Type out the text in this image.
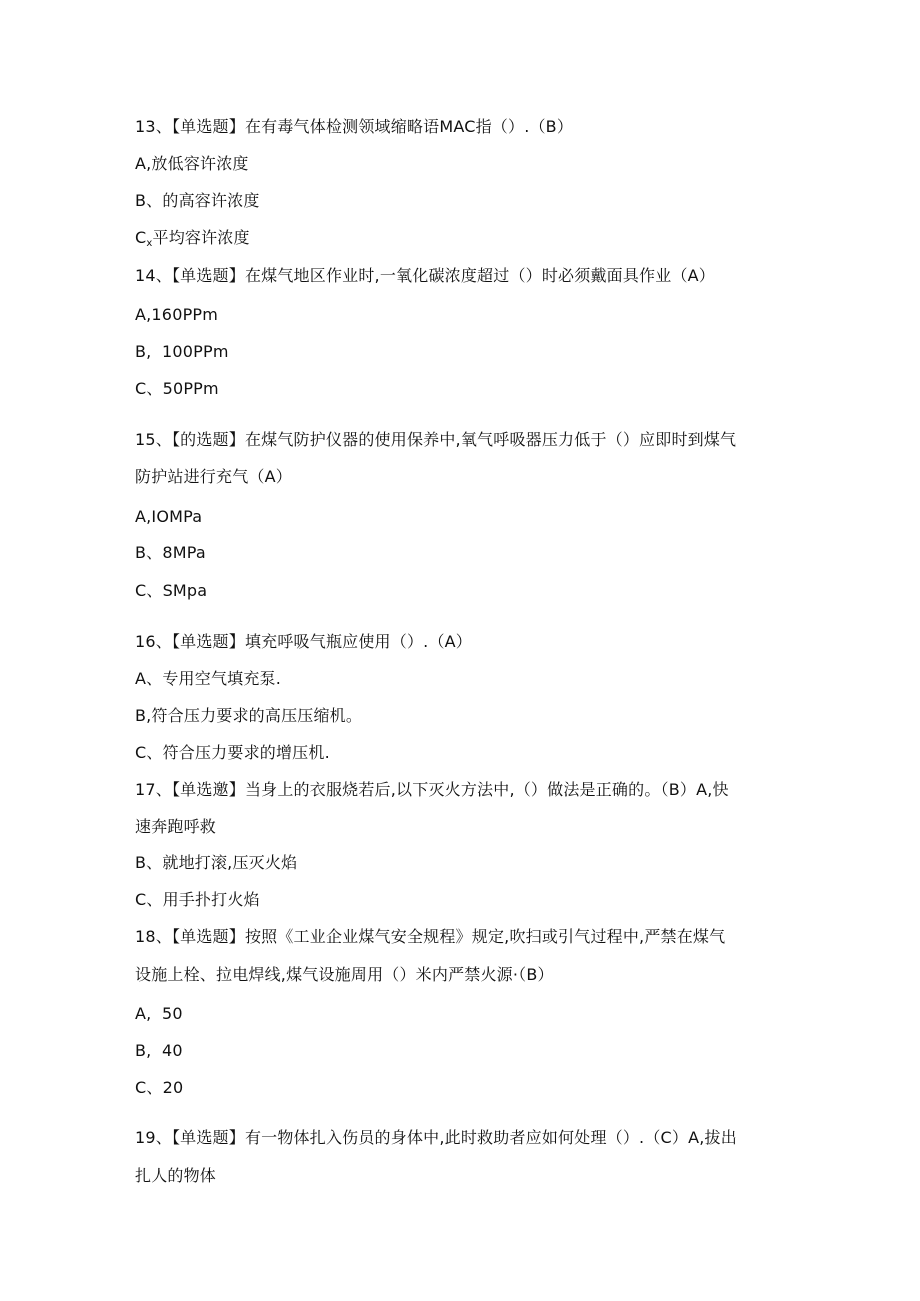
13、【单选题】在有毒气体检测领域缩略语MAC指（）.（B）
A,放低容许浓度
B、的高容许浓度
$C_x$平均容许浓度
14、【单选题】在煤气地区作业时,一氧化碳浓度超过（）时必须戴面具作业（A）
A,160PPm
B,  100PPm
C、50PPm
15、【的选题】在煤气防护仪器的使用保养中,氧气呼吸器压力低于（）应即时到煤气
防护站进行充气（A）
A,IOMPa
B、8MPa
C、SMpa
16、【单选题】填充呼吸气瓶应使用（）.（A）
A、专用空气填充泵.
B,符合压力要求的高压压缩机。
C、符合压力要求的增压机.
17、【单选邀】当身上的衣服烧若后,以下灭火方法中,（）做法是正确的。（B）A,快
速奔跑呼救
B、就地打滚,压灭火焰
C、用手扑打火焰
18、【单选题】按照《工业企业煤气安全规程》规定,吹扫或引气过程中,严禁在煤气
设施上栓、拉电焊线,煤气设施周用（）米内严禁火源·（B）
A,  50
B,  40
C、20
19、【单选题】有一物体扎入伤员的身体中,此时救助者应如何处理（）.（C）A,拔出
扎人的物体
